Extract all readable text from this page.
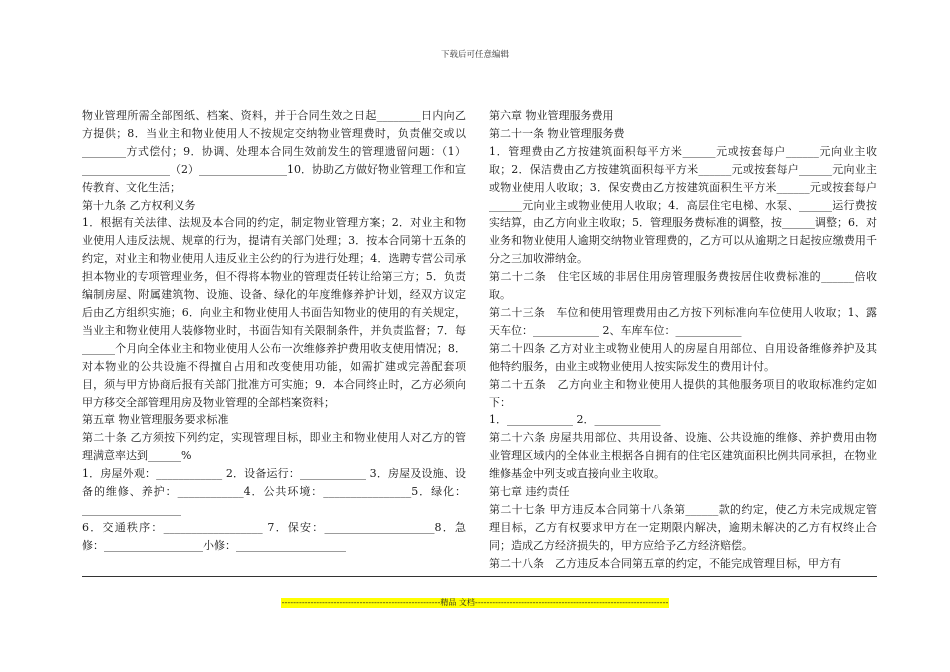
下载后可任意编辑

物业管理所需全部图纸、档案、资料，并于合同生效之日起________日内向乙方提供；8．当业主和物业使用人不按规定交纳物业管理费时，负责催交或以________方式偿付；9．协调、处理本合同生效前发生的管理遗留问题：（1）________________（2）________________10．协助乙方做好物业管理工作和宣传教育、文化生活；

第十九条 乙方权利义务

1．根据有关法律、法规及本合同的约定，制定物业管理方案；2．对业主和物业使用人违反法规、规章的行为，提请有关部门处理；3．按本合同第十五条的约定，对业主和物业使用人违反业主公约的行为进行处理；4．选聘专营公司承担本物业的专项管理业务，但不得将本物业的管理责任转让给第三方；5．负责编制房屋、附属建筑物、设施、设备、绿化的年度维修养护计划，经双方议定后由乙方组织实施；6．向业主和物业使用人书面告知物业的使用的有关规定，当业主和物业使用人装修物业时，书面告知有关限制条件，并负责监督；7．每______个月向全体业主和物业使用人公布一次维修养护费用收支使用情况；8．对本物业的公共设施不得擅自占用和改变使用功能，如需扩建或完善配套项目，须与甲方协商后报有关部门批准方可实施；9．本合同终止时，乙方必须向甲方移交全部管理用房及物业管理的全部档案资料；

第五章 物业管理服务要求标准

第二十条 乙方须按下列约定，实现管理目标，即业主和物业使用人对乙方的管理满意率达到______%

1．房屋外观：____________ 2．设备运行：____________ 3．房屋及设施、设备的维修、养护：____________4．公共环境：________________5．绿化：__________________

6．交通秩序：__________________ 7．保安：____________________8．急修：__________________小修：____________________

第六章 物业管理服务费用

第二十一条 物业管理服务费

1．管理费由乙方按建筑面积每平方米______元或按套每户______元向业主收取；2．保洁费由乙方按建筑面积每平方米______元或按套每户______元向业主或物业使用人收取；3．保安费由乙方按建筑面积生平方米______元或按套每户______元向业主或物业使用人收取；4．高层住宅电梯、水泵、______运行费按实结算，由乙方向业主收取；5．管理服务费标准的调整，按______调整；6．对业务和物业使用人逾期交纳物业管理费的，乙方可以从逾期之日起按应缴费用千分之三加收滞纳金。

第二十二条　住宅区域的非居住用房管理服务费按居住收费标准的______倍收取。

第二十三条　车位和使用管理费用由乙方按下列标准向车位使用人收取；1、露天车位：____________ 2、车库车位：____________

第二十四条 乙方对业主或物业使用人的房屋自用部位、自用设备维修养护及其他特约服务，由业主或物业使用人按实际发生的费用计付。

第二十五条　乙方向业主和物业使用人提供的其他服务项目的收取标准约定如下：

1．____________ 2．____________

第二十六条 房屋共用部位、共用设备、设施、公共设施的维修、养护费用由物业管理区域内的全体业主根据各自拥有的住宅区建筑面积比例共同承担，在物业维修基金中列支或直接向业主收取。

第七章 违约责任

第二十七条 甲方违反本合同第十八条第______款的约定，使乙方未完成规定管理目标，乙方有权要求甲方在一定期限内解决，逾期未解决的乙方有权终止合同；造成乙方经济损失的，甲方应给予乙方经济赔偿。

第二十八条　乙方违反本合同第五章的约定，不能完成管理目标，甲方有

-------------------------------------------------------精品 文档-------------------------------------------------------------------
